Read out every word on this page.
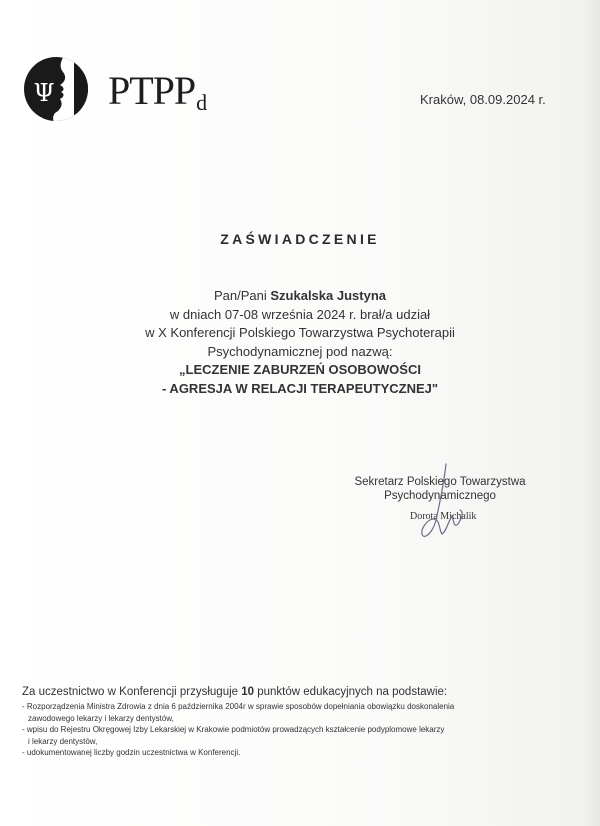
Ψ PTPPd	Kraków, 08.09.2024 r.
ZAŚWIADCZENIE
Pan/Pani Szukalska Justyna
w dniach 07-08 września 2024 r. brał/a udział
w X Konferencji Polskiego Towarzystwa Psychoterapii
Psychodynamicznej pod nazwą:
„LECZENIE ZABURZEŃ OSOBOWOŚCI
- AGRESJA W RELACJI TERAPEUTYCZNEJ"
Sekretarz Polskiego Towarzystwa
Psychodynamicznego
Dorota Michalik
Za uczestnictwo w Konferencji przysługuje 10 punktów edukacyjnych na podstawie:
- Rozporządzenia Ministra Zdrowia z dnia 6 października 2004r w sprawie sposobów dopełniania obowiązku doskonalenia
zawodowego lekarzy i lekarzy dentystów,
- wpisu do Rejestru Okręgowej Izby Lekarskiej w Krakowie podmiotów prowadzących kształcenie podyplomowe lekarzy
i lekarzy dentystów,
- udokumentowanej liczby godzin uczestnictwa w Konferencji.
